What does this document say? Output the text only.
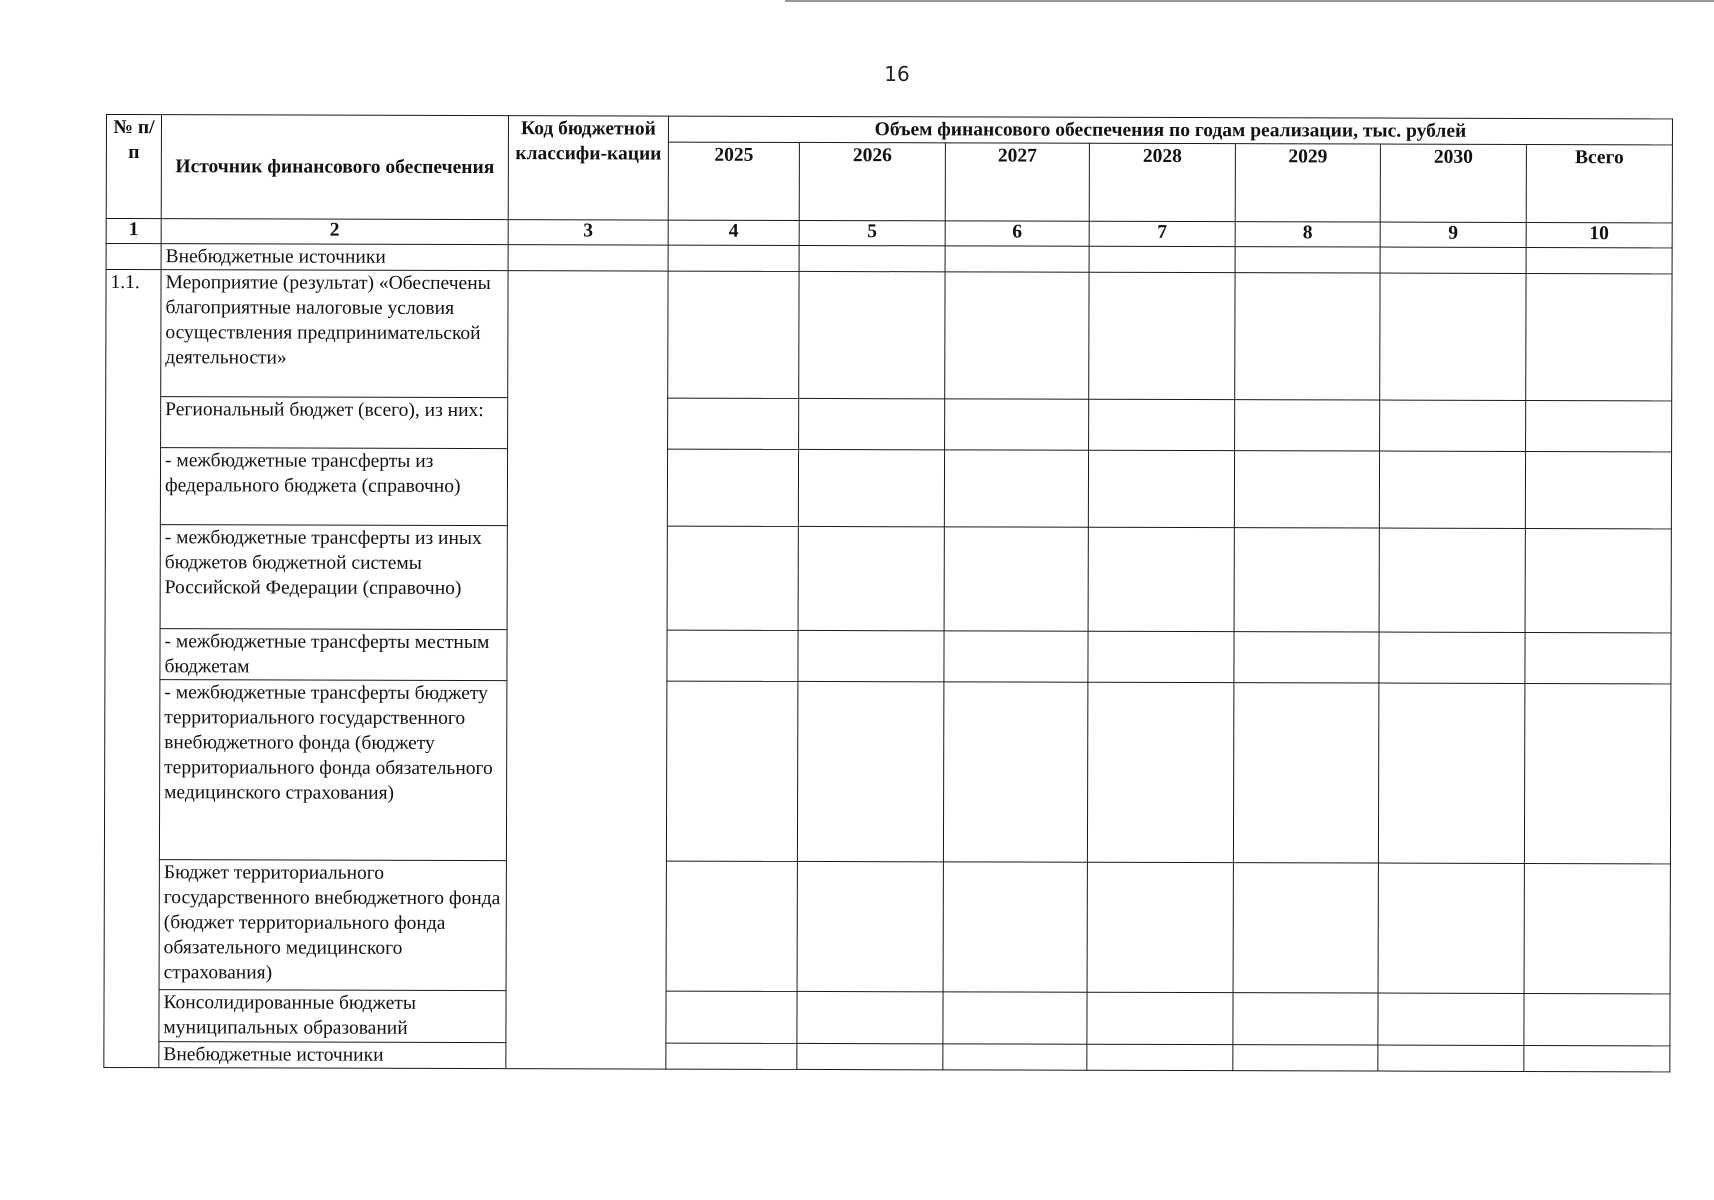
16
№ п/п	Источник финансового обеспечения	Код бюджетной классифи-кации	Объем финансового обеспечения по годам реализации, тыс. рублей						
			2025	2026	2027	2028	2029	2030	Всего
1	2	3	4	5	6	7	8	9	10
	Внебюджетные источники								
1.1.	Мероприятие (результат) «Обеспечены благоприятные налоговые условия осуществления предпринимательской деятельности»								
	Региональный бюджет (всего), из них:								
	- межбюджетные трансферты из федерального бюджета (справочно)								
	- межбюджетные трансферты из иных бюджетов бюджетной системы Российской Федерации (справочно)								
	- межбюджетные трансферты местным бюджетам								
	- межбюджетные трансферты бюджету территориального государственного внебюджетного фонда (бюджету территориального фонда обязательного медицинского страхования)								
	Бюджет территориального государственного внебюджетного фонда (бюджет территориального фонда обязательного медицинского страхования)								
	Консолидированные бюджеты муниципальных образований								
	Внебюджетные источники								
